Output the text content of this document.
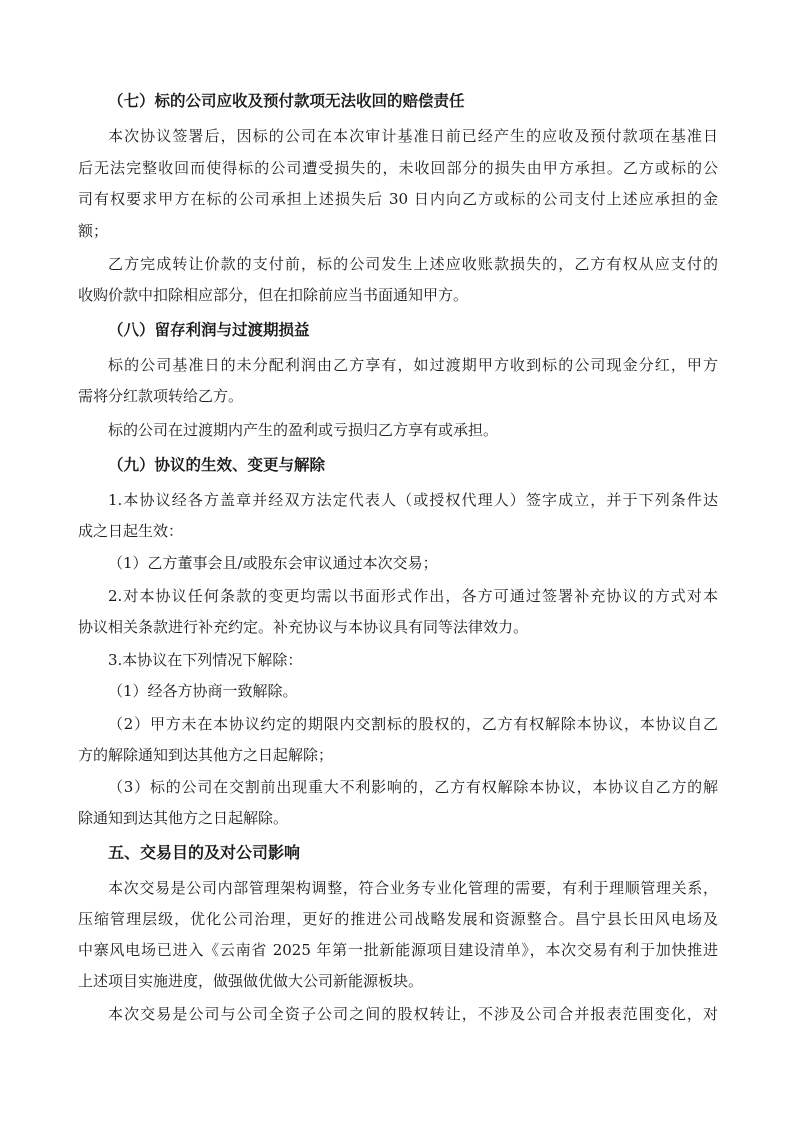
（七）标的公司应收及预付款项无法收回的赔偿责任
本次协议签署后，因标的公司在本次审计基准日前已经产生的应收及预付款项在基准日
后无法完整收回而使得标的公司遭受损失的，未收回部分的损失由甲方承担。乙方或标的公
司有权要求甲方在标的公司承担上述损失后 30 日内向乙方或标的公司支付上述应承担的金
额；
乙方完成转让价款的支付前，标的公司发生上述应收账款损失的，乙方有权从应支付的
收购价款中扣除相应部分，但在扣除前应当书面通知甲方。
（八）留存利润与过渡期损益
标的公司基准日的未分配利润由乙方享有，如过渡期甲方收到标的公司现金分红，甲方
需将分红款项转给乙方。
标的公司在过渡期内产生的盈利或亏损归乙方享有或承担。
（九）协议的生效、变更与解除
1.本协议经各方盖章并经双方法定代表人（或授权代理人）签字成立，并于下列条件达
成之日起生效：
（1）乙方董事会且/或股东会审议通过本次交易；
2.对本协议任何条款的变更均需以书面形式作出，各方可通过签署补充协议的方式对本
协议相关条款进行补充约定。补充协议与本协议具有同等法律效力。
3.本协议在下列情况下解除：
（1）经各方协商一致解除。
（2）甲方未在本协议约定的期限内交割标的股权的，乙方有权解除本协议，本协议自乙
方的解除通知到达其他方之日起解除；
（3）标的公司在交割前出现重大不利影响的，乙方有权解除本协议，本协议自乙方的解
除通知到达其他方之日起解除。
五、交易目的及对公司影响
本次交易是公司内部管理架构调整，符合业务专业化管理的需要，有利于理顺管理关系，
压缩管理层级，优化公司治理，更好的推进公司战略发展和资源整合。昌宁县长田风电场及
中寨风电场已进入《云南省 2025 年第一批新能源项目建设清单》，本次交易有利于加快推进
上述项目实施进度，做强做优做大公司新能源板块。
本次交易是公司与公司全资子公司之间的股权转让，不涉及公司合并报表范围变化，对
